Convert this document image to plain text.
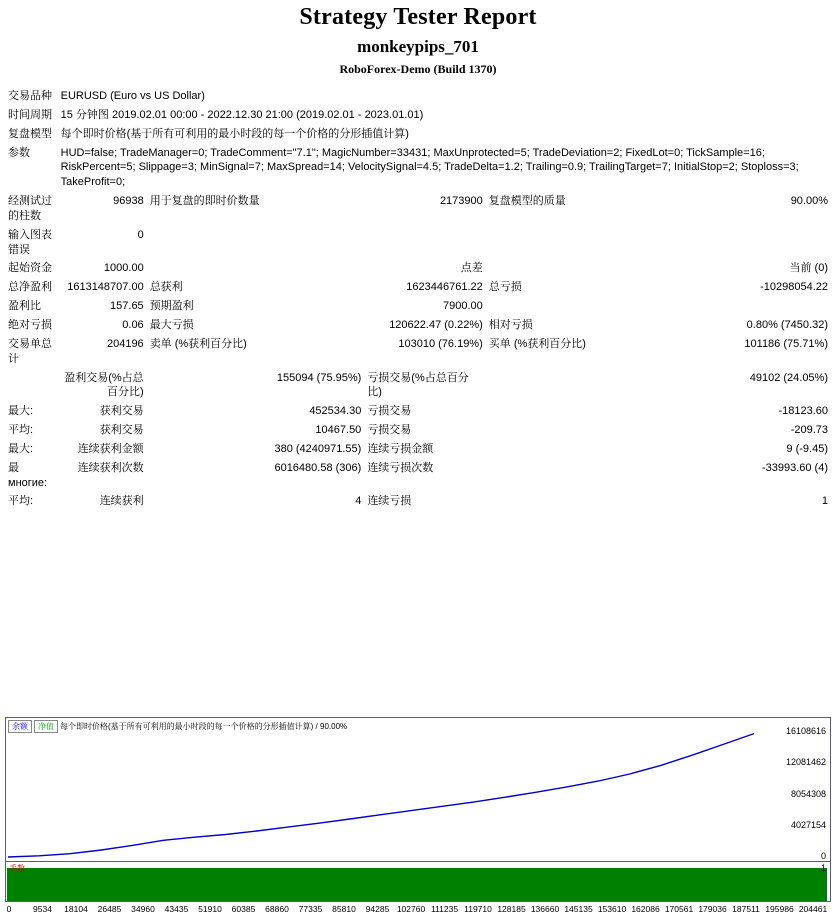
Strategy Tester Report
monkeypips_701
RoboForex-Demo (Build 1370)
交易品种	EURUSD (Euro vs US Dollar)				
时间周期	15 分钟图 2019.02.01 00:00 - 2022.12.30 21:00 (2019.02.01 - 2023.01.01)				
复盘模型	每个即时价格(基于所有可利用的最小时段的每一个价格的分形插值计算)				
参数	HUD=false; TradeManager=0; TradeComment="7.1"; MagicNumber=33431; MaxUnprotected=5; TradeDeviation=2; FixedLot=0; TickSample=16; RiskPercent=5; Slippage=3; MinSignal=7; MaxSpread=14; VelocitySignal=4.5; TradeDelta=1.2; Trailing=0.9; TrailingTarget=7; InitialStop=2; Stoploss=3; TakeProfit=0;				
经测试过的柱数	96938	用于复盘的即时价数量	2173900	复盘模型的质量	90.00%
输入图表错误	0				
起始资金	1000.00		点差		当前 (0)
总净盈利	1613148707.00	总获利	1623446761.22	总亏损	-10298054.22
盈利比	157.65	预期盈利	7900.00		
绝对亏损	0.06	最大亏损	120622.47 (0.22%)	相对亏损	0.80% (7450.32)
交易单总计	204196	卖单 (%获利百分比)	103010 (76.19%)	买单 (%获利百分比)	101186 (75.71%)
	盈利交易(%占总百分比)	155094 (75.95%)	亏损交易(%占总百分比)	49102 (24.05%)	
最大:	获利交易	452534.30	亏损交易	-18123.60	
平均:	获利交易	10467.50	亏损交易	-209.73	
最大:	连续获利金额	380 (4240971.55)	连续亏损金额	9 (-9.45)	
最многие:	连续获利次数	6016480.58 (306)	连续亏损次数	-33993.60 (4)	
平均:	连续获利	4	连续亏损	1	
余额	净值 每个即时价格(基于所有可利用的最小时段的每一个价格的分形插值计算) / 90.00%	16108616
12081462
8054308
4027154
0
手数	1
0	9534 18104 26485 34960 43435 51910 60385 68860 77335 85810 94285 102760 111235 119710 128185 136660 145135 153610 162086 170561 179036 187511 195986 204461
